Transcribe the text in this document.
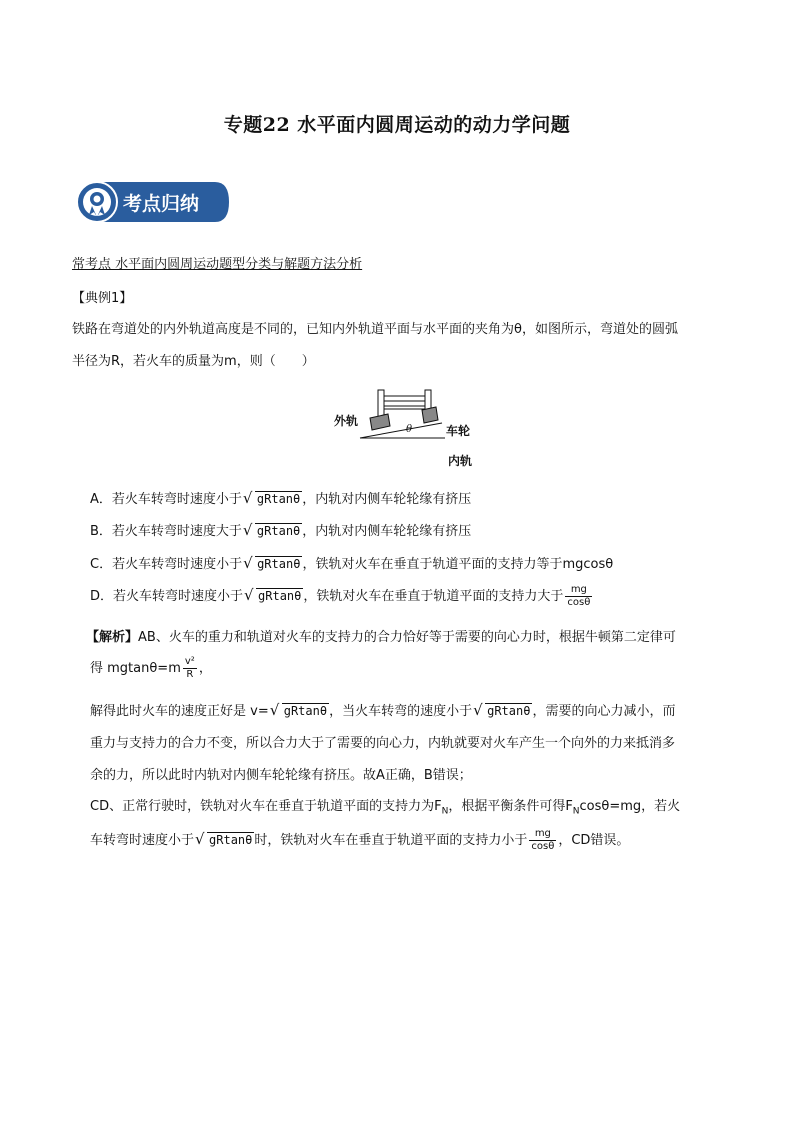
专题22 水平面内圆周运动的动力学问题
考点归纳
常考点 水平面内圆周运动题型分类与解题方法分析
【典例1】
铁路在弯道处的内外轨道高度是不同的，已知内外轨道平面与水平面的夹角为θ，如图所示，弯道处的圆弧
半径为R，若火车的质量为m，则（　　）
外轨
车轮
内轨
θ
A．若火车转弯时速度小于 √ gRtanθ ，内轨对内侧车轮轮缘有挤压
B．若火车转弯时速度大于 √ gRtanθ ，内轨对内侧车轮轮缘有挤压
C．若火车转弯时速度小于 √ gRtanθ ，铁轨对火车在垂直于轨道平面的支持力等于mgcosθ
D．若火车转弯时速度小于 √ gRtanθ ，铁轨对火车在垂直于轨道平面的支持力大于 $\frac{mg}{\cos\theta}$
【解析】AB、火车的重力和轨道对火车的支持力的合力恰好等于需要的向心力时，根据牛顿第二定律可
得 $mgtan\theta=m \frac{\text{v²}}{R}$ ，
解得此时火车的速度正好是 v= √ gRtanθ ，当火车转弯的速度小于 √ gRtanθ ，需要的向心力减小，而
重力与支持力的合力不变，所以合力大于了需要的向心力，内轨就要对火车产生一个向外的力来抵消多
余的力，所以此时内轨对内侧车轮轮缘有挤压。故A正确，B错误；
CD、正常行驶时，铁轨对火车在垂直于轨道平面的支持力为$F_N$，根据平衡条件可得$F_N\cos\theta=mg$，若火
车转弯时速度小于 √ gRtanθ 时，铁轨对火车在垂直于轨道平面的支持力小于 $\frac{mg}{\cos\theta}$ ，CD错误。
